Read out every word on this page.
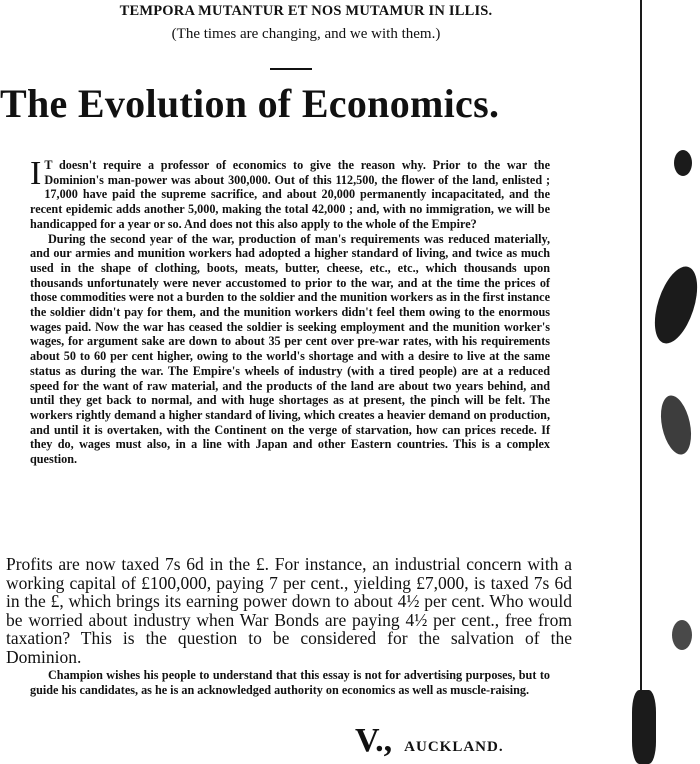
TEMPORA MUTANTUR ET NOS MUTAMUR IN ILLIS.
(The times are changing, and we with them.)
The Evolution of Economics.

I T doesn't require a professor of economics to give the reason why. Prior to the war the Dominion's man-power was about 300,000. Out of this 112,500, the flower of the land, enlisted ; 17,000 have paid the supreme sacrifice, and about 20,000 permanently incapacitated, and the recent epidemic adds another 5,000, making the total 42,000 ; and, with no immigration, we will be handicapped for a year or so. And does not this also apply to the whole of the Empire?

During the second year of the war, production of man's requirements was reduced materially, and our armies and munition workers had adopted a higher standard of living, and twice as much used in the shape of clothing, boots, meats, butter, cheese, etc., etc., which thousands upon thousands unfortunately were never accustomed to prior to the war, and at the time the prices of those commodities were not a burden to the soldier and the munition workers as in the first instance the soldier didn't pay for them, and the munition workers didn't feel them owing to the enormous wages paid. Now the war has ceased the soldier is seeking employment and the munition worker's wages, for argument sake are down to about 35 per cent over pre-war rates, with his requirements about 50 to 60 per cent higher, owing to the world's shortage and with a desire to live at the same status as during the war. The Empire's wheels of industry (with a tired people) are at a reduced speed for the want of raw material, and the products of the land are about two years behind, and until they get back to normal, and with huge shortages as at present, the pinch will be felt. The workers rightly demand a higher standard of living, which creates a heavier demand on production, and until it is overtaken, with the Continent on the verge of starvation, how can prices recede. If they do, wages must also, in a line with Japan and other Eastern countries. This is a complex question.

Profits are now taxed 7s 6d in the £. For instance, an industrial concern with a working capital of £100,000, paying 7 per cent., yielding £7,000, is taxed 7s 6d in the £, which brings its earning power down to about 4½ per cent. Who would be worried about industry when War Bonds are paying 4½ per cent., free from taxation? This is the question to be considered for the salvation of the Dominion.

Champion wishes his people to understand that this essay is not for advertising purposes, but to guide his candidates, as he is an acknowledged authority on economics as well as muscle-raising.

V., AUCKLAND.
